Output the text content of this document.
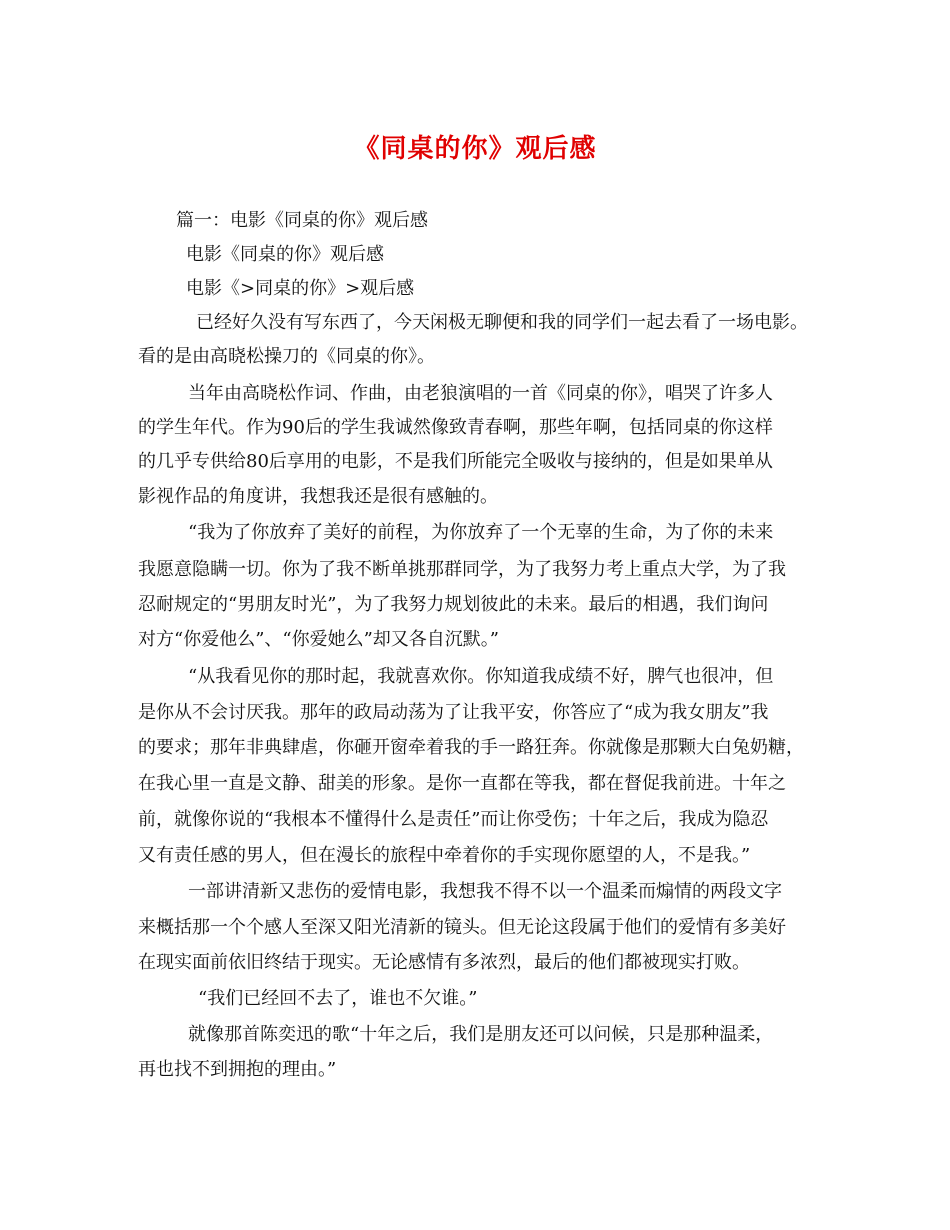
《同桌的你》观后感
篇一：电影《同桌的你》观后感
电影《同桌的你》观后感
电影《>同桌的你》>观后感
已经好久没有写东西了，今天闲极无聊便和我的同学们一起去看了一场电影。
看的是由高晓松操刀的《同桌的你》。
当年由高晓松作词、作曲，由老狼演唱的一首《同桌的你》，唱哭了许多人
的学生年代。作为90后的学生我诚然像致青春啊，那些年啊，包括同桌的你这样
的几乎专供给80后享用的电影，不是我们所能完全吸收与接纳的，但是如果单从
影视作品的角度讲，我想我还是很有感触的。
“我为了你放弃了美好的前程，为你放弃了一个无辜的生命，为了你的未来
我愿意隐瞒一切。你为了我不断单挑那群同学，为了我努力考上重点大学，为了我
忍耐规定的“男朋友时光”，为了我努力规划彼此的未来。最后的相遇，我们询问
对方“你爱他么”、“你爱她么”却又各自沉默。”
“从我看见你的那时起，我就喜欢你。你知道我成绩不好，脾气也很冲，但
是你从不会讨厌我。那年的政局动荡为了让我平安，你答应了“成为我女朋友”我
的要求；那年非典肆虐，你砸开窗牵着我的手一路狂奔。你就像是那颗大白兔奶糖，
在我心里一直是文静、甜美的形象。是你一直都在等我，都在督促我前进。十年之
前，就像你说的“我根本不懂得什么是责任”而让你受伤；十年之后，我成为隐忍
又有责任感的男人，但在漫长的旅程中牵着你的手实现你愿望的人，不是我。”
一部讲清新又悲伤的爱情电影，我想我不得不以一个温柔而煽情的两段文字
来概括那一个个感人至深又阳光清新的镜头。但无论这段属于他们的爱情有多美好
在现实面前依旧终结于现实。无论感情有多浓烈，最后的他们都被现实打败。
“我们已经回不去了，谁也不欠谁。”
就像那首陈奕迅的歌“十年之后，我们是朋友还可以问候，只是那种温柔，
再也找不到拥抱的理由。”
